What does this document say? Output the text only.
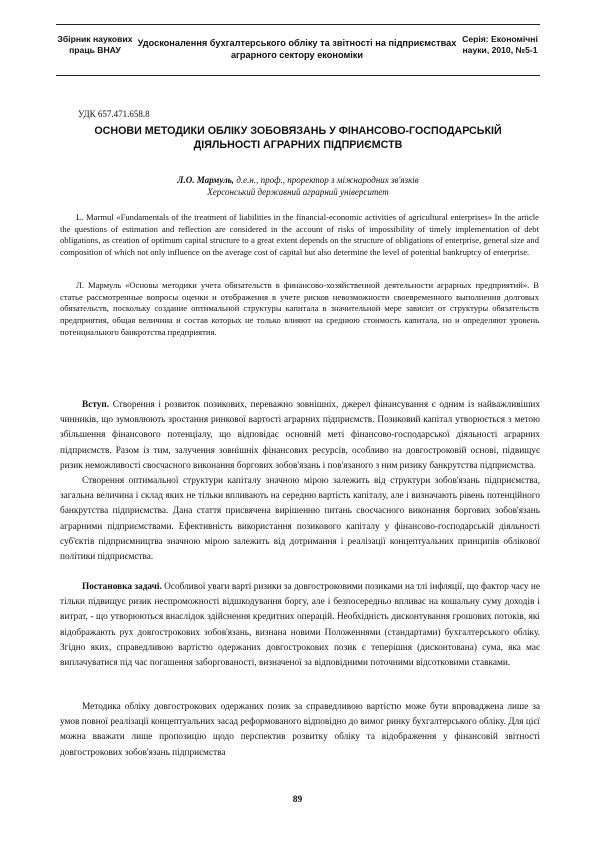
Збірник наукових праць ВНАУ
Удосконалення бухгалтерського обліку та звітності на підприємствах аграрного сектору економіки
Серія: Економічні науки, 2010, №5-1
УДК 657.471.658.8
ОСНОВИ МЕТОДИКИ ОБЛІКУ ЗОБОВЯЗАНЬ У ФІНАНСОВО-ГОСПОДАРСЬКІЙ ДІЯЛЬНОСТІ АГРАРНИХ ПІДПРИЄМСТВ
Л.О. Мармуль, д.е.н., проф., проректор з міжнародних зв'язків
Херсонський державний аграрний університет

L. Marmul «Fundamentals of the treatment of liabilities in the financial-economic activities of agricultural enterprises» In the article the questions of estimation and reflection are considered in the account of risks of impossibility of timely implementation of debt obligations, as creation of optimum capital structure to a great extent depends on the structure of obligations of enterprise, general size and composition of which not only influence on the average cost of capital but also determine the level of potential bankruptcy of enterprise.

Л. Мармуль «Основы методики учета обязательств в финансово-хозяйственной деятельности аграрных предприятий». В статье рассмотренные вопросы оценки и отображения в учете рисков невозможности своевременного выполнения долговых обязательств, поскольку создание оптимальной структуры капитала в значительной мере зависит от структуры обязательств предприятия, общая величина и состав которых не только влияют на среднюю стоимость капитала, но и определяют уровень потенциального банкротства предприятия.

Вступ. Створення і розвиток позикових, переважно зовнішніх, джерел фінансування є одним із найважливіших чинників, що зумовлюють зростання ринкової вартості аграрних підприємств. Позиковий капітал утворюється з метою збільшення фінансового потенціалу, що відповідає основній меті фінансово-господарської діяльності аграрних підприємств. Разом із тим, залучення зовнішніх фінансових ресурсів, особливо на довгостроковій основі, підвищує ризик неможливості своєчасного виконання боргових зобов'язань і пов'язаного з ним ризику банкрутства підприємства.

Створення оптимальної структури капіталу значною мірою залежить від структури зобов'язань підприємства, загальна величина і склад яких не тільки впливають на середню вартість капіталу, але і визначають рівень потенційного банкрутства підприємства. Дана стаття присвячена вирішенню питань своєчасного виконання боргових зобов'язань аграрними підприємствами. Ефективність використання позикового капіталу у фінансово-господарській діяльності суб'єктів підприємництва значною мірою залежить від дотримання і реалізації концептуальних принципів облікової політики підприємства.

Постановка задачі. Особливої уваги варті ризики за довгостроковими позиками на тлі інфляції, що фактор часу не тільки підвищує ризик неспроможності відшкодування боргу, але і безпосередньо впливає на кошальну суму доходів і витрат, - що утворюються внаслідок здійснення кредитних операцій. Необхідність дисконтування грошових потоків, які відображають рух довгострокових зобов'язань, визнана новими Положеннями (стандартами) бухгалтерського обліку. Згідно яких, справедливою вартістю одержаних довгострокових позик є теперішня (дисконтована) сума, яка має виплачуватися під час погашення заборгованості, визначеної за відповідними поточними відсотковими ставками.

Методика обліку довгострокових одержаних позик за справедливою вартістю може бути впроваджена лише за умов повної реалізації концептуальних засад реформованого відповідно до вимог ринку бухгалтерського обліку. Для цієї можна вважати лише пропозицію щодо перспектив розвитку обліку та відображення у фінансовій звітності довгострокових зобов'язань підприємства

89
